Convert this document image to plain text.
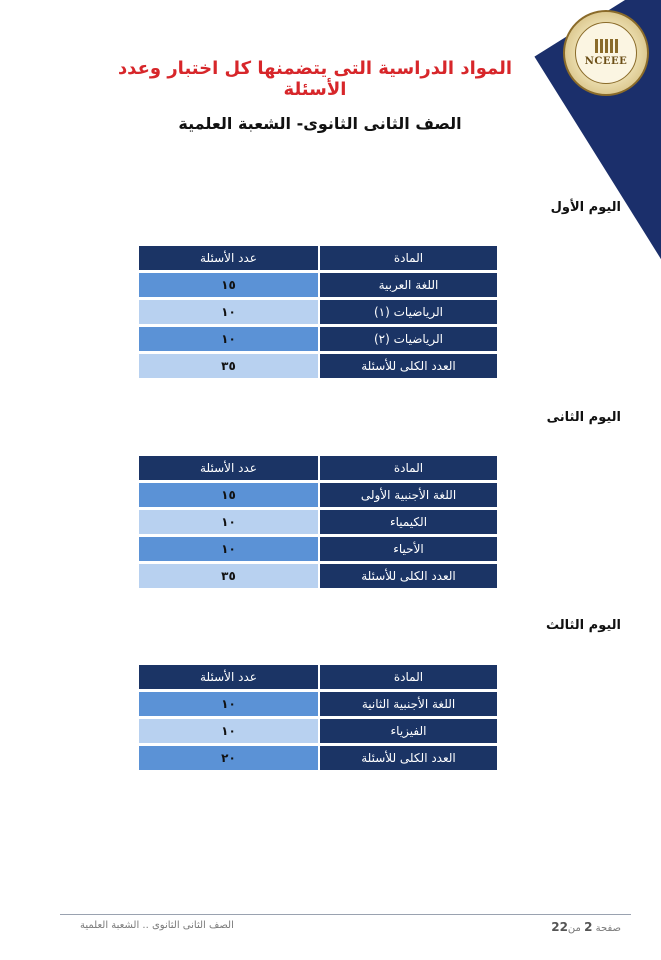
NCEEE
المواد الدراسية التى يتضمنها كل اختبار وعدد الأسئلة
الصف الثانى الثانوى- الشعبة العلمية
اليوم الأول
المادة	عدد الأسئلة
اللغة العربية	١٥
الرياضيات (١)	١٠
الرياضيات (٢)	١٠
العدد الكلى للأسئلة	٣٥
اليوم الثانى
المادة	عدد الأسئلة
اللغة الأجنبية الأولى	١٥
الكيمياء	١٠
الأحياء	١٠
العدد الكلى للأسئلة	٣٥
اليوم الثالث
المادة	عدد الأسئلة
اللغة الأجنبية الثانية	١٠
الفيزياء	١٠
العدد الكلى للأسئلة	٢٠
الصف الثانى الثانوى .. الشعبة العلمية	صفحة 2 من22
